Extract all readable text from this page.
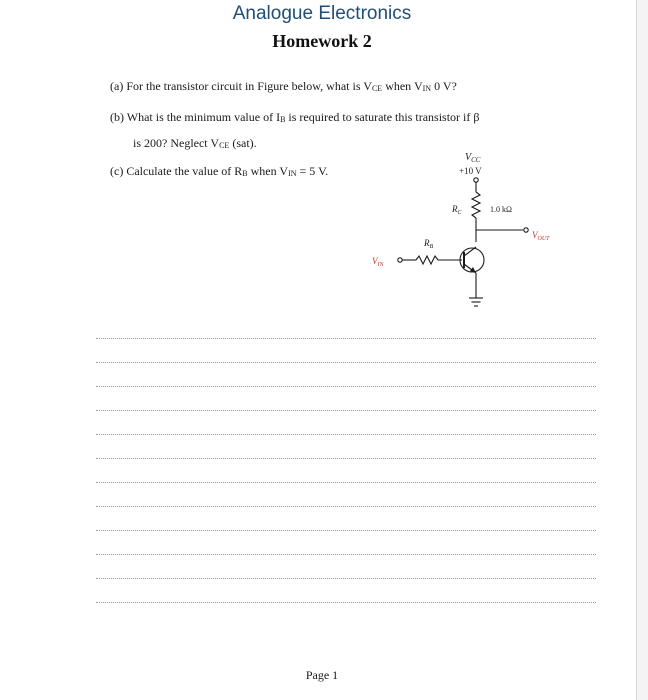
Analogue Electronics
Homework 2
(a) For the transistor circuit in Figure below, what is $V_{CE}$ when $V_{IN}$ 0 V?
(b) What is the minimum value of $I_B$ is required to saturate this transistor if β
is 200? Neglect $V_{CE}$ (sat).
(c) Calculate the value of $R_B$ when $V_{IN} = 5$ V.
$V_{CC}$
+10 V
$R_C$	1.0 kΩ
$R_B$
$V_{OUT}$
$V_{IN}$
Page 1
